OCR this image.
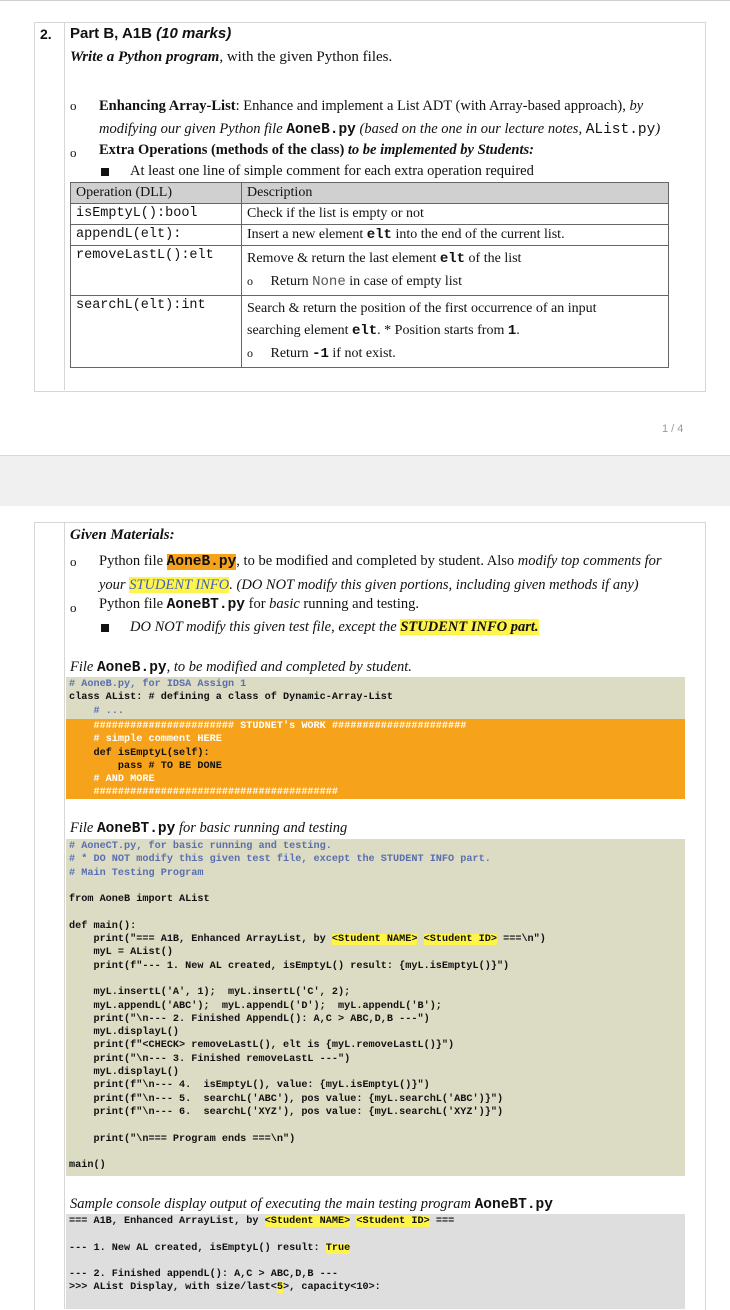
2. Part B, A1B (10 marks)
Write a Python program, with the given Python files.
o Enhancing Array-List: Enhance and implement a List ADT (with Array-based approach), by
modifying our given Python file AoneB.py (based on the one in our lecture notes, AList.py)
o Extra Operations (methods of the class) to be implemented by Students:
At least one line of simple comment for each extra operation required
Operation (DLL)	Description
isEmptyL():bool	Check if the list is empty or not
appendL(elt):	Insert a new element elt into the end of the current list.
removeLastL():elt	Remove & return the last element elt of the list
o Return None in case of empty list
searchL(elt):int	Search & return the position of the first occurrence of an input
searching element elt. * Position starts from 1.
o Return -1 if not exist.
1 / 4
Given Materials:
o Python file AoneB.py, to be modified and completed by student. Also modify top comments for
your STUDENT INFO. (DO NOT modify this given portions, including given methods if any)
o Python file AoneBT.py for basic running and testing.
DO NOT modify this given test file, except the STUDENT INFO part.
File AoneB.py, to be modified and completed by student.
# AoneB.py, for IDSA Assign 1
class AList: # defining a class of Dynamic-Array-List
# ...
####################### STUDNET's WORK ######################
# simple comment HERE
def isEmptyL(self):
pass # TO BE DONE
# AND MORE
########################################
File AoneBT.py for basic running and testing
# AoneCT.py, for basic running and testing.
# * DO NOT modify this given test file, except the STUDENT INFO part.
# Main Testing Program

from AoneB import AList

def main():
print("=== A1B, Enhanced ArrayList, by <Student NAME> <Student ID> ===\n")
myL = AList()
print(f"--- 1. New AL created, isEmptyL() result: {myL.isEmptyL()}")

myL.insertL('A', 1);  myL.insertL('C', 2);
myL.appendL('ABC');  myL.appendL('D');  myL.appendL('B');
print("\n--- 2. Finished AppendL(): A,C > ABC,D,B ---")
myL.displayL()
print(f"<CHECK> removeLastL(), elt is {myL.removeLastL()}")
print("\n--- 3. Finished removeLastL ---")
myL.displayL()
print(f"\n--- 4.  isEmptyL(), value: {myL.isEmptyL()}")
print(f"\n--- 5.  searchL('ABC'), pos value: {myL.searchL('ABC')}")
print(f"\n--- 6.  searchL('XYZ'), pos value: {myL.searchL('XYZ')}")

print("\n=== Program ends ===\n")

main()
Sample console display output of executing the main testing program AoneBT.py
=== A1B, Enhanced ArrayList, by <Student NAME> <Student ID> ===

--- 1. New AL created, isEmptyL() result: True

--- 2. Finished appendL(): A,C > ABC,D,B ---
>>> AList Display, with size/last<5>, capacity<10>:
